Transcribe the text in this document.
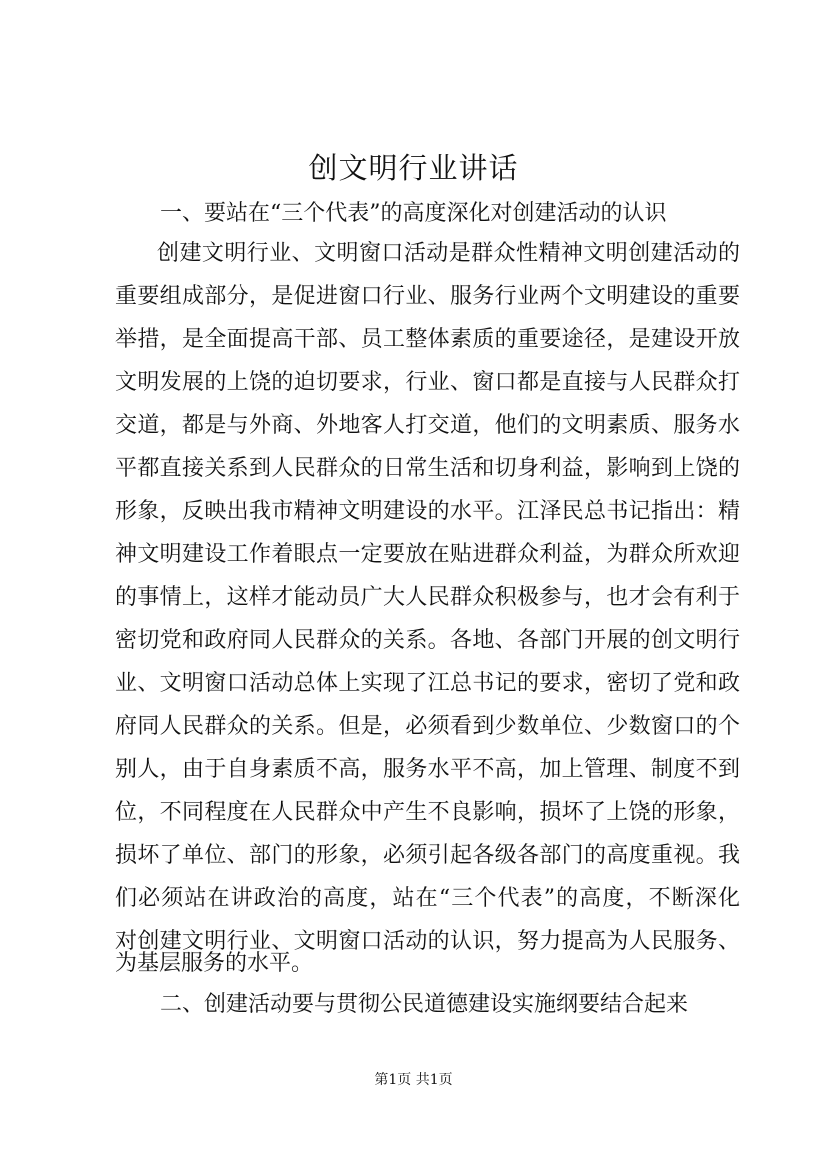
创文明行业讲话

一、要站在“三个代表”的高度深化对创建活动的认识

创建文明行业、文明窗口活动是群众性精神文明创建活动的

重要组成部分，是促进窗口行业、服务行业两个文明建设的重要

举措，是全面提高干部、员工整体素质的重要途径，是建设开放

文明发展的上饶的迫切要求，行业、窗口都是直接与人民群众打

交道，都是与外商、外地客人打交道，他们的文明素质、服务水

平都直接关系到人民群众的日常生活和切身利益，影响到上饶的

形象，反映出我市精神文明建设的水平。江泽民总书记指出：精

神文明建设工作着眼点一定要放在贴进群众利益，为群众所欢迎

的事情上，这样才能动员广大人民群众积极参与，也才会有利于

密切党和政府同人民群众的关系。各地、各部门开展的创文明行

业、文明窗口活动总体上实现了江总书记的要求，密切了党和政

府同人民群众的关系。但是，必须看到少数单位、少数窗口的个

别人，由于自身素质不高，服务水平不高，加上管理、制度不到

位，不同程度在人民群众中产生不良影响，损坏了上饶的形象，

损坏了单位、部门的形象，必须引起各级各部门的高度重视。我

们必须站在讲政治的高度，站在“三个代表”的高度，不断深化

对创建文明行业、文明窗口活动的认识，努力提高为人民服务、

为基层服务的水平。

二、创建活动要与贯彻公民道德建设实施纲要结合起来

第1页 共1页
